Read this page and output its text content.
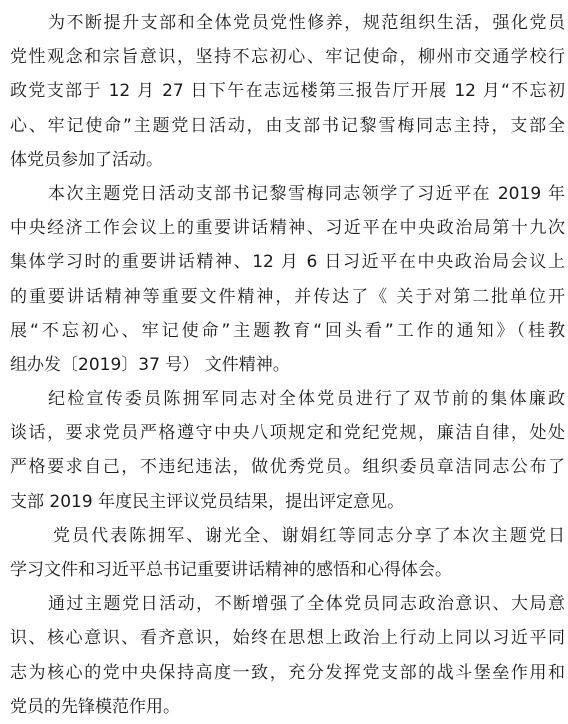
为不断提升支部和全体党员党性修养，规范组织生活，强化党员
党性观念和宗旨意识，坚持不忘初心、牢记使命，柳州市交通学校行
政党支部于 12 月 27 日下午在志远楼第三报告厅开展 12 月“不忘初
心、牢记使命”主题党日活动，由支部书记黎雪梅同志主持，支部全
体党员参加了活动。
本次主题党日活动支部书记黎雪梅同志领学了习近平在 2019 年
中央经济工作会议上的重要讲话精神、习近平在中央政治局第十九次
集体学习时的重要讲话精神、12 月 6 日习近平在中央政治局会议上
的重要讲话精神等重要文件精神，并传达了《 关于对第二批单位开
展“不忘初心、牢记使命”主题教育“回头看”工作的通知》（桂教
组办发〔2019〕37 号） 文件精神。
纪检宣传委员陈拥军同志对全体党员进行了双节前的集体廉政
谈话，要求党员严格遵守中央八项规定和党纪党规，廉洁自律，处处
严格要求自己，不违纪违法，做优秀党员。组织委员章洁同志公布了
支部 2019 年度民主评议党员结果，提出评定意见。
党员代表陈拥军、谢光全、谢娟红等同志分享了本次主题党日
学习文件和习近平总书记重要讲话精神的感悟和心得体会。
通过主题党日活动，不断增强了全体党员同志政治意识、大局意
识、核心意识、看齐意识，始终在思想上政治上行动上同以习近平同
志为核心的党中央保持高度一致，充分发挥党支部的战斗堡垒作用和
党员的先锋模范作用。
